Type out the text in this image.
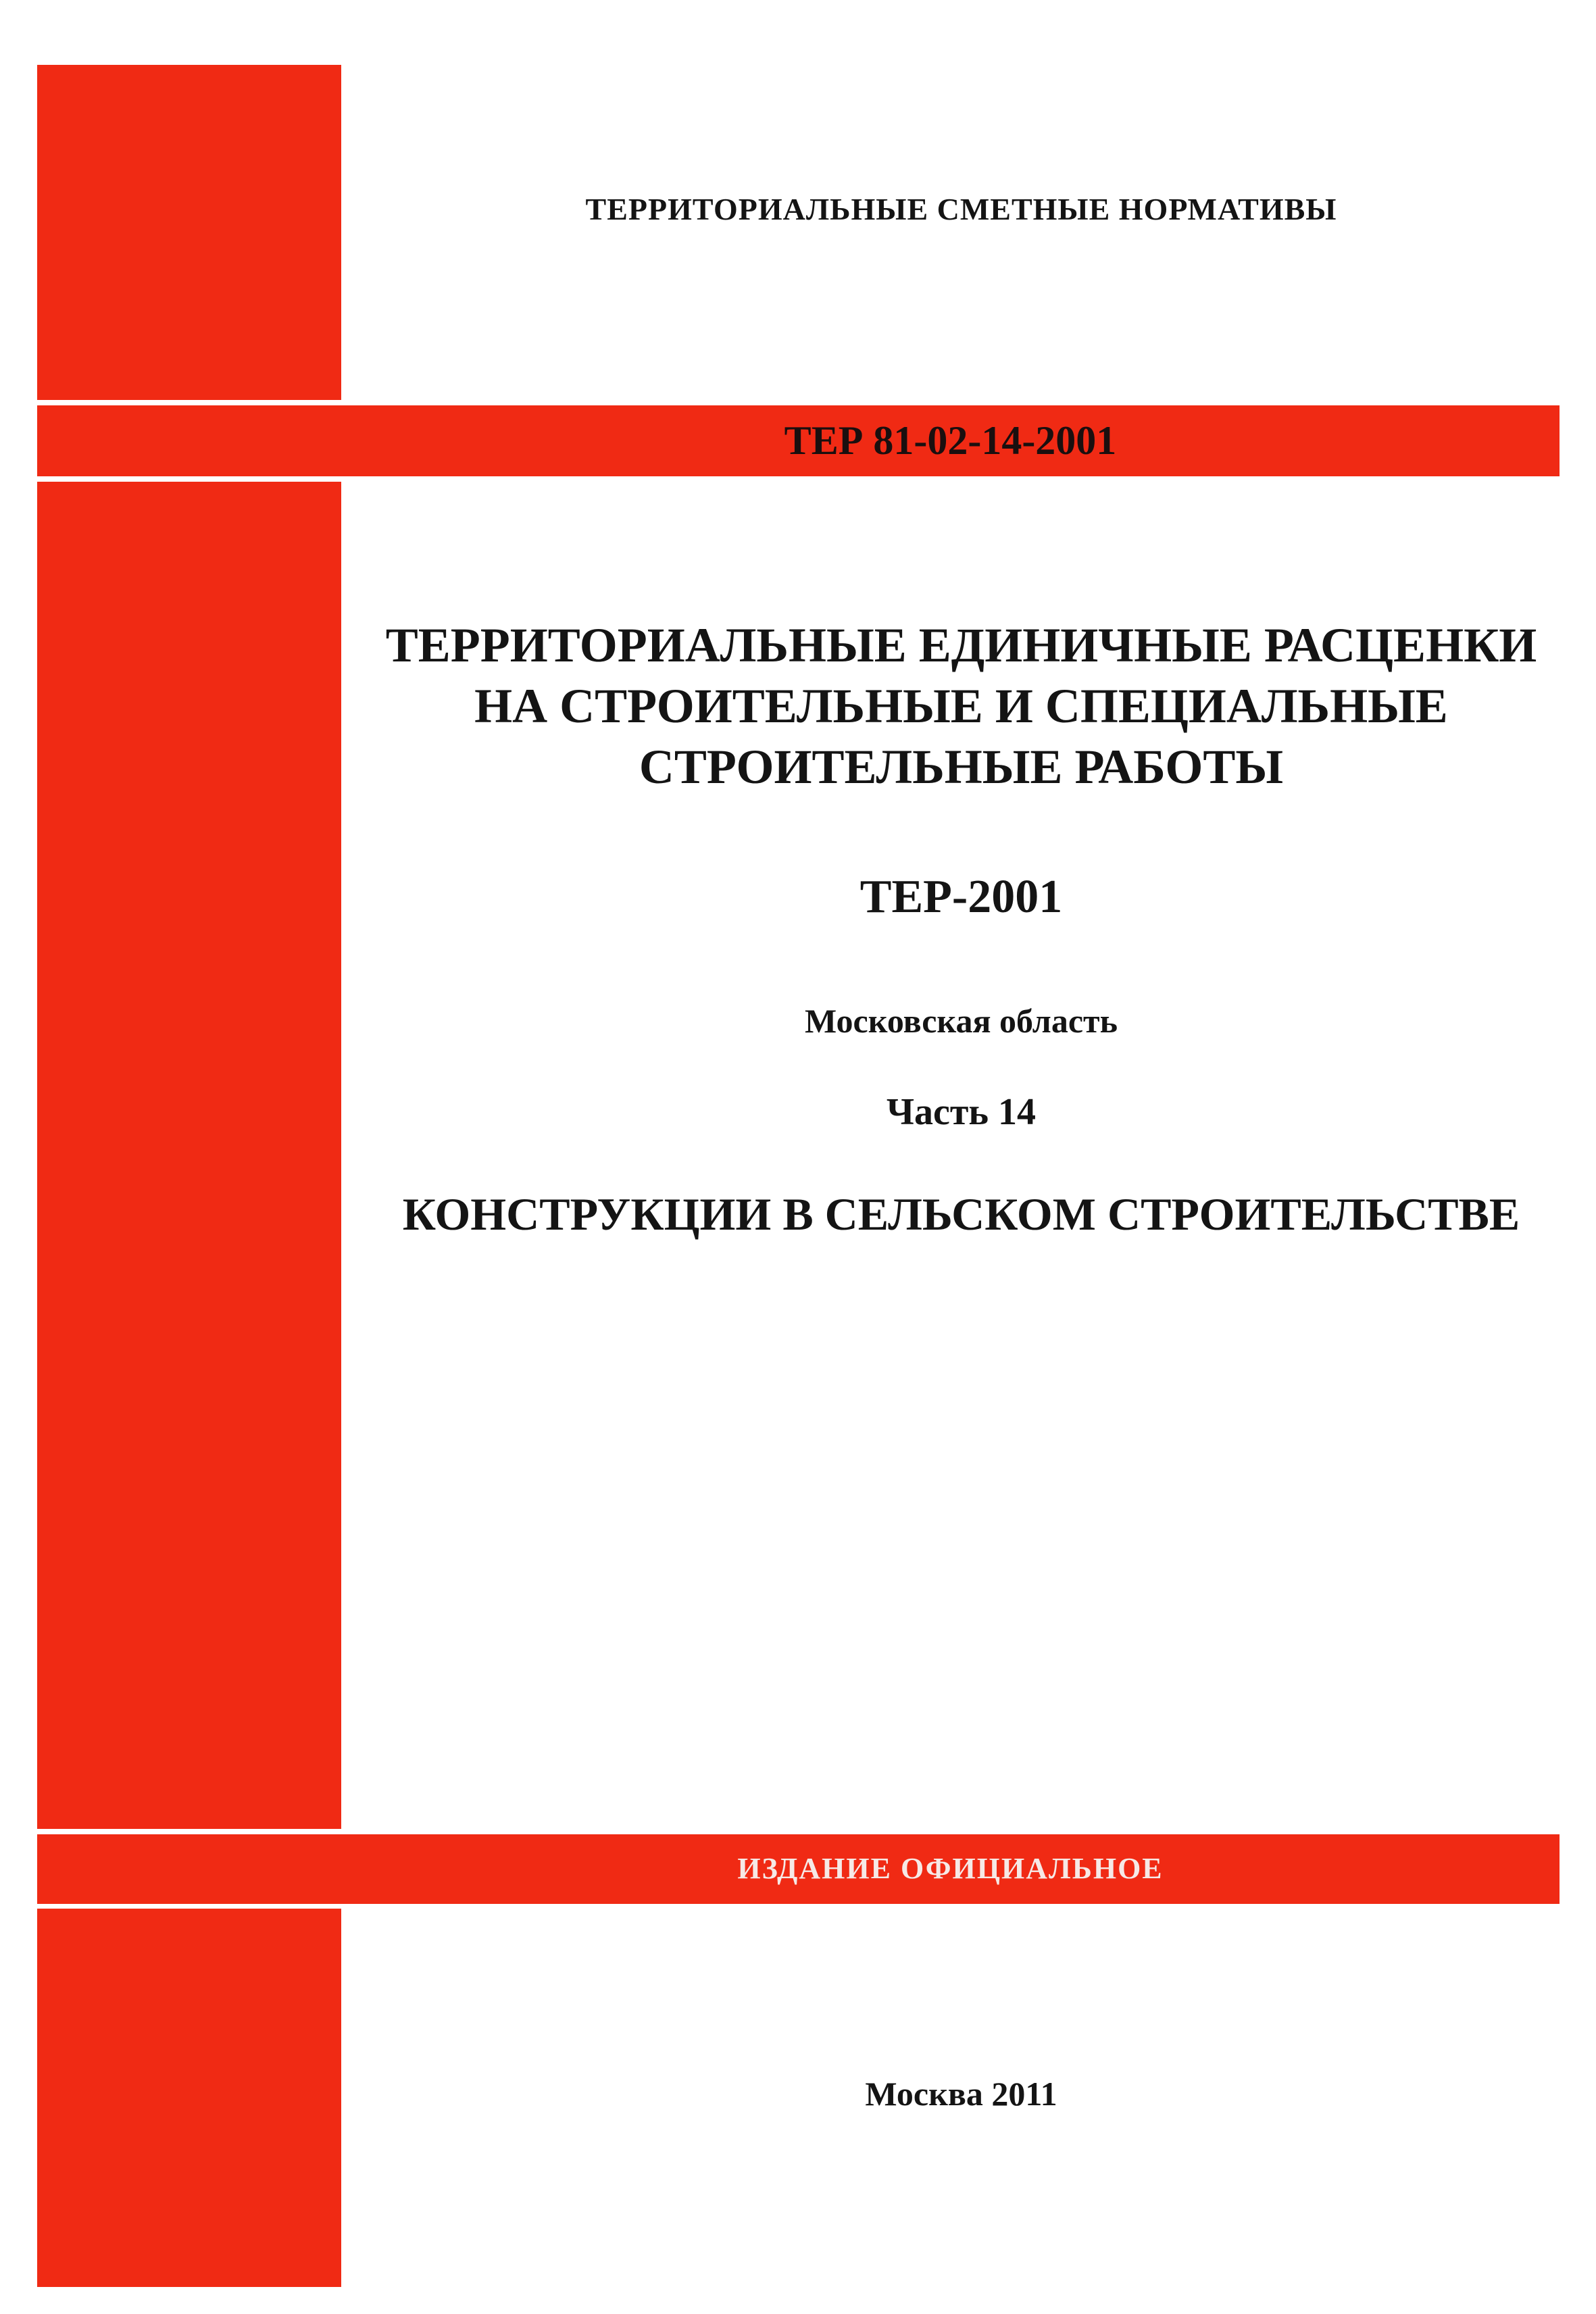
ТЕРРИТОРИАЛЬНЫЕ СМЕТНЫЕ НОРМАТИВЫ
ТЕР 81-02-14-2001
ТЕРРИТОРИАЛЬНЫЕ ЕДИНИЧНЫЕ РАСЦЕНКИ
НА СТРОИТЕЛЬНЫЕ И СПЕЦИАЛЬНЫЕ
СТРОИТЕЛЬНЫЕ РАБОТЫ
ТЕР-2001
Московская область
Часть 14
КОНСТРУКЦИИ В СЕЛЬСКОМ СТРОИТЕЛЬСТВЕ
ИЗДАНИЕ ОФИЦИАЛЬНОЕ
Москва 2011
